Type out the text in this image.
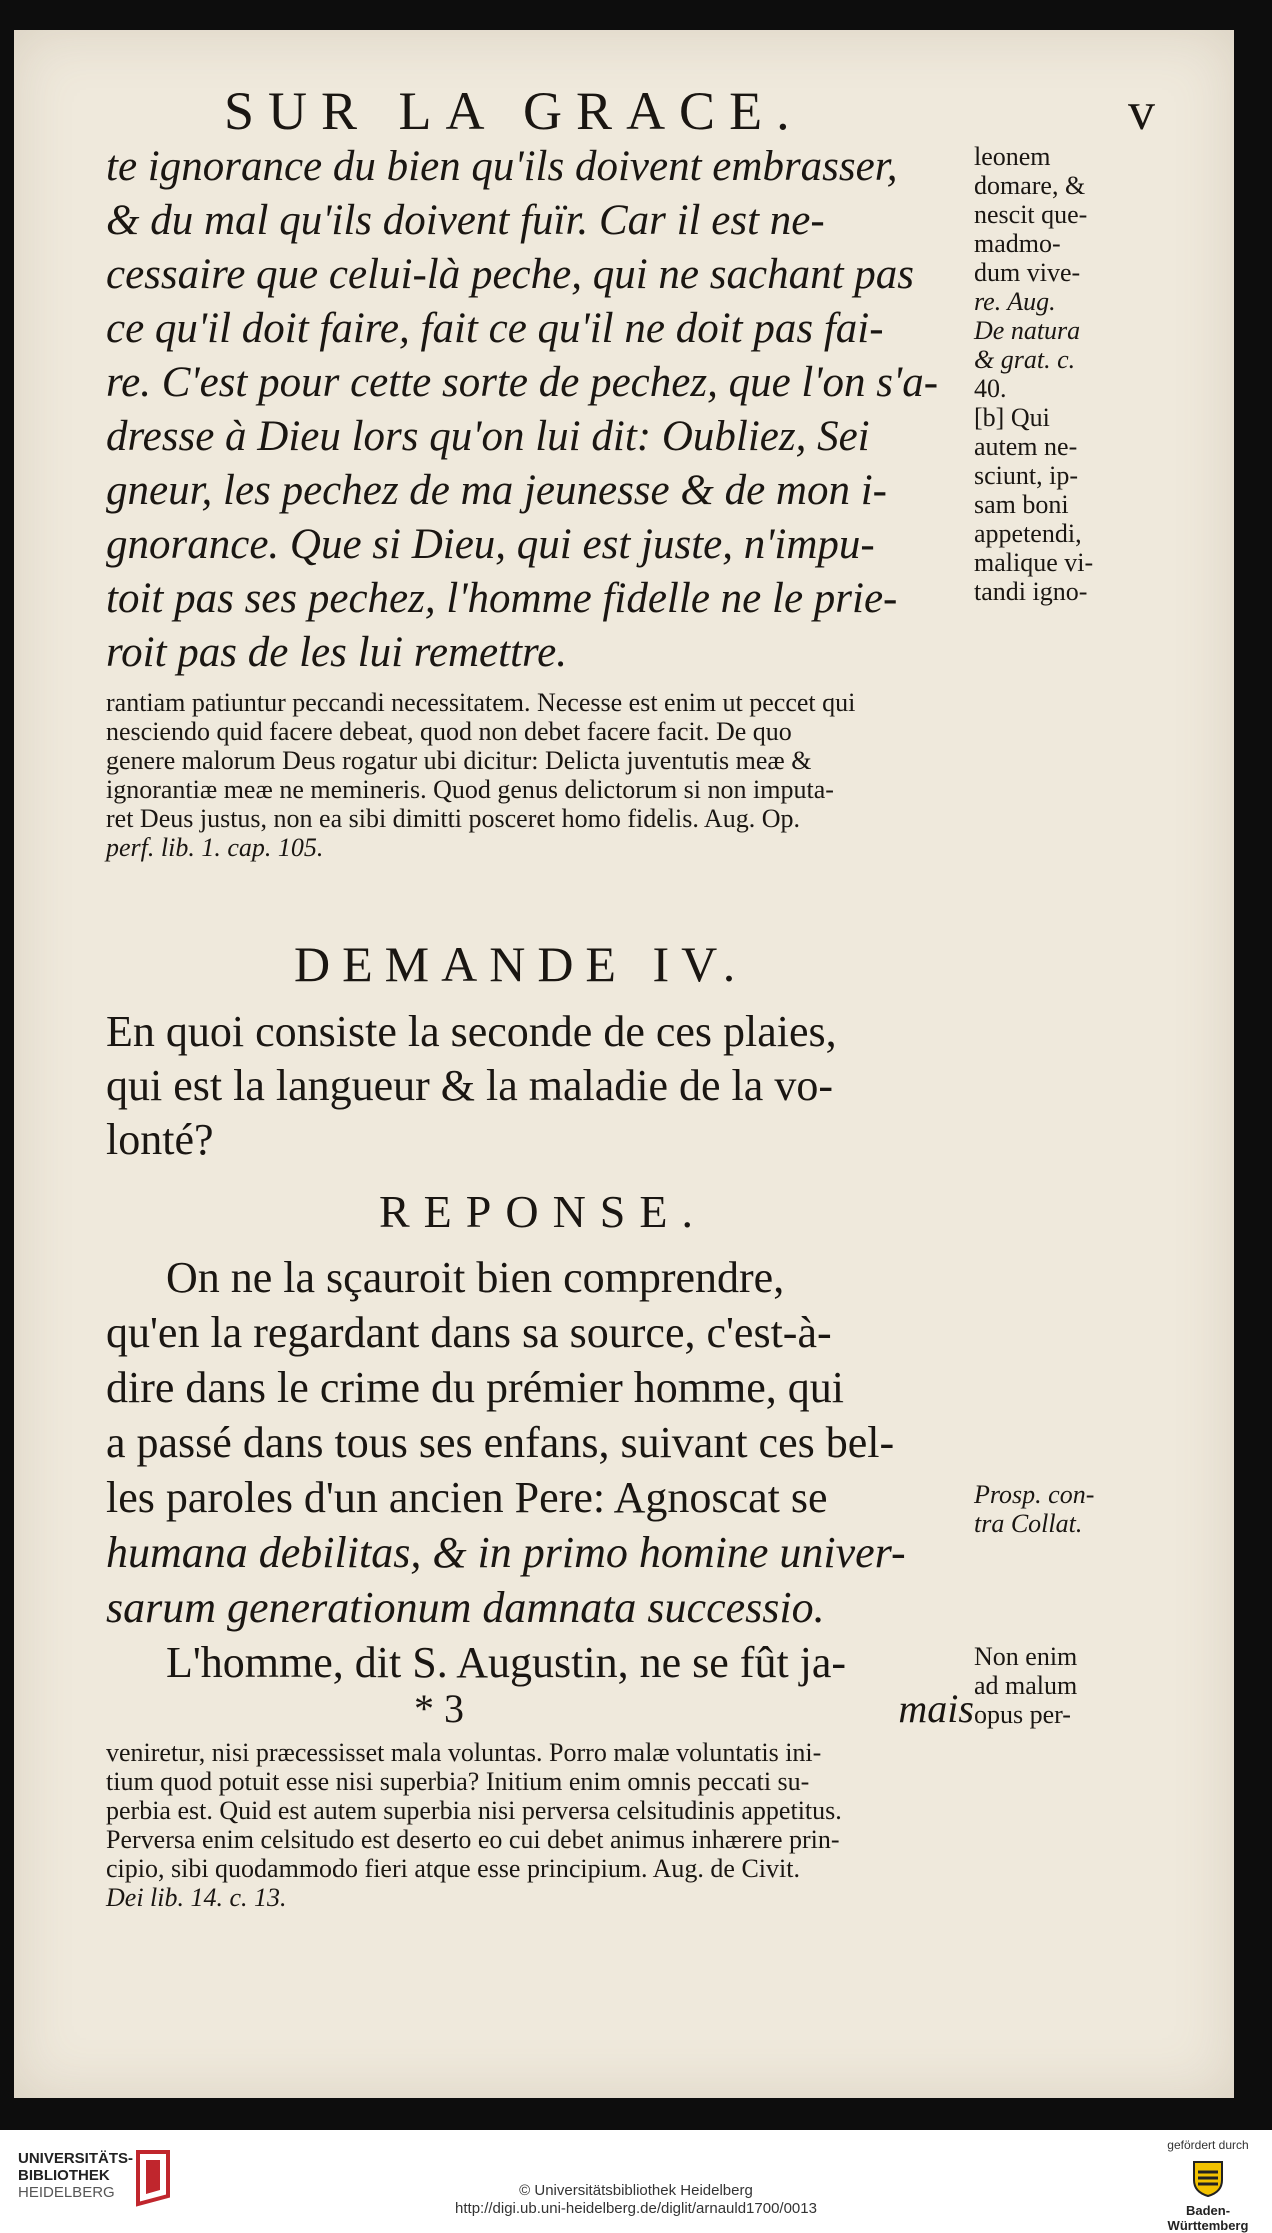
SUR LA GRACE.	v

te ignorance du bien qu'ils doivent embrasser,

& du mal qu'ils doivent fuïr. Car il est ne-

cessaire que celui-là peche, qui ne sachant pas

ce qu'il doit faire, fait ce qu'il ne doit pas fai-

re. C'est pour cette sorte de pechez, que l'on s'a-

dresse à Dieu lors qu'on lui dit: Oubliez, Sei

gneur, les pechez de ma jeunesse & de mon i-

gnorance. Que si Dieu, qui est juste, n'impu-

toit pas ses pechez, l'homme fidelle ne le prie-

roit pas de les lui remettre.

leonem
domare, &
nescit que-
madmo-
dum vive-
re. Aug.
De natura
& grat. c.
40.
[b] Qui
autem ne-
sciunt, ip-
sam boni
appetendi,
malique vi-
tandi igno-
rantiam patiuntur peccandi necessitatem. Necesse est enim ut peccet qui
nesciendo quid facere debeat, quod non debet facere facit. De quo
genere malorum Deus rogatur ubi dicitur: Delicta juventutis meæ &
ignorantiæ meæ ne memineris. Quod genus delictorum si non imputa-
ret Deus justus, non ea sibi dimitti posceret homo fidelis. Aug. Op.
perf. lib. 1. cap. 105.
DEMANDE IV.
En quoi consiste la seconde de ces plaies,
qui est la langueur & la maladie de la vo-
lonté?
REPONSE.

On ne la sçauroit bien comprendre,

qu'en la regardant dans sa source, c'est-à-

dire dans le crime du prémier homme, qui

a passé dans tous ses enfans, suivant ces bel-

les paroles d'un ancien Pere: Agnoscat se

humana debilitas, & in primo homine univer-

sarum generationum damnata successio.

L'homme, dit S. Augustin, ne se fût ja-

Prosp. con-
tra Collat.
Non enim
ad malum
opus per-
* 3	mais
veniretur, nisi præcessisset mala voluntas. Porro malæ voluntatis ini-
tium quod potuit esse nisi superbia? Initium enim omnis peccati su-
perbia est. Quid est autem superbia nisi perversa celsitudinis appetitus.
Perversa enim celsitudo est deserto eo cui debet animus inhærere prin-
cipio, sibi quodammodo fieri atque esse principium. Aug. de Civit.
Dei lib. 14. c. 13.
UNIVERSITÄTS-
BIBLIOTHEK
HEIDELBERG	© Universitätsbibliothek Heidelberg
http://digi.ub.uni-heidelberg.de/diglit/arnauld1700/0013
gefördert durch
Baden-Württemberg
